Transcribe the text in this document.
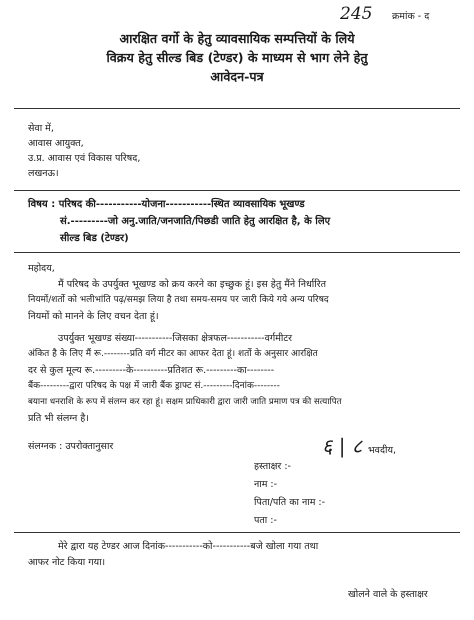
245 क्रमांक - द
आरक्षित वर्गो के हेतु व्यावसायिक सम्पत्तियों के लिये
विक्रय हेतु सील्ड बिड (टेण्डर) के माध्यम से भाग लेने हेतु
आवेदन-पत्र
सेवा में,
आवास आयुक्त,
उ.प्र. आवास एवं विकास परिषद,
लखनऊ।
विषय : परिषद की-----------योजना-----------स्थित व्यावसायिक भूखण्ड
सं.---------जो अनु.जाति/जनजाति/पिछडी जाति हेतु आरक्षित है, के लिए
सील्ड बिड (टेण्डर)
महोदय,
मैं परिषद के उपर्युक्त भूखण्ड को क्रय करने का इच्छुक हूं। इस हेतु मैंने निर्धारित
नियमों/शर्तो को भलीभांति पढ़/समझ लिया है तथा समय-समय पर जारी किये गये अन्य परिषद
नियमों को मानने के लिए वचन देता हूं।
उपर्युक्त भूखण्ड संख्या-----------जिसका क्षेत्रफल-----------वर्गमीटर
अंकित है के लिए मैं रू.--------प्रति वर्ग मीटर का आफर देता हूं। शर्तो के अनुसार आरक्षित
दर से कुल मूल्य रू.---------के----------प्रतिशत रू.---------का--------
बैंक---------द्वारा परिषद के पक्ष में जारी बैंक ड्राफ्ट सं.---------दिनांक--------
बयाना धनराशि के रूप में संलग्न कर रहा हूं। सक्षम प्राधिकारी द्वारा जारी जाति प्रमाण पत्र की सत्यापित
प्रति भी संलग्न है।
संलग्नक : उपरोक्तानुसार	६ | ८ भवदीय,
हस्ताक्षर :-
नाम :-
पिता/पति का नाम :-
पता :-
मेरे द्वारा यह टेण्डर आज दिनांक-----------को-----------बजे खोला गया तथा
आफर नोट किया गया।
खोलने वाले के हस्ताक्षर
